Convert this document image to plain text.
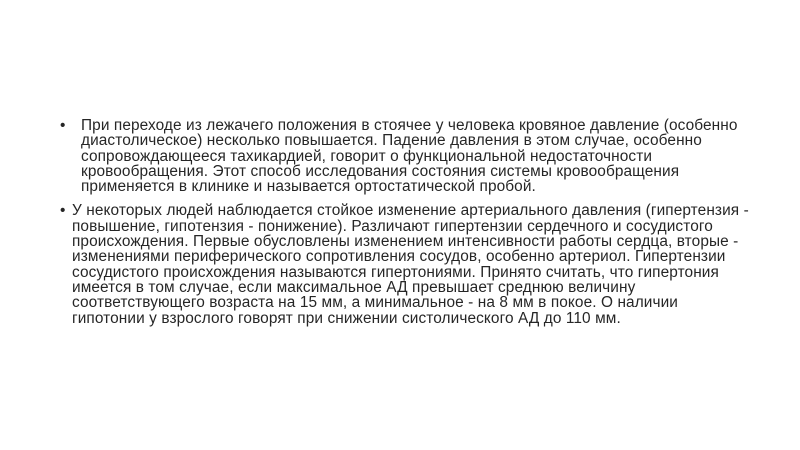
•	При переходе из лежачего положения в стоячее у человека кровяное давление (особенно диастолическое) несколько повышается. Падение давления в этом случае, особенно сопровождающееся тахикардией, говорит о функциональной недостаточности кровообращения. Этот способ исследования состояния системы кровообращения применяется в клинике и называется ортостатической пробой.
• У некоторых людей наблюдается стойкое изменение артериального давления (гипертензия - повышение, гипотензия - понижение). Различают гипертензии сердечного и сосудистого происхождения. Первые обусловлены изменением интенсивности работы сердца, вторые - изменениями периферического сопротивления сосудов, особенно артериол. Гипертензии сосудистого происхождения называются гипертониями. Принято считать, что гипертония имеется в том случае, если максимальное АД превышает среднюю величину соответствующего возраста на 15 мм, а минимальное - на 8 мм в покое. О наличии гипотонии у взрослого говорят при снижении систолического АД до 110 мм.
